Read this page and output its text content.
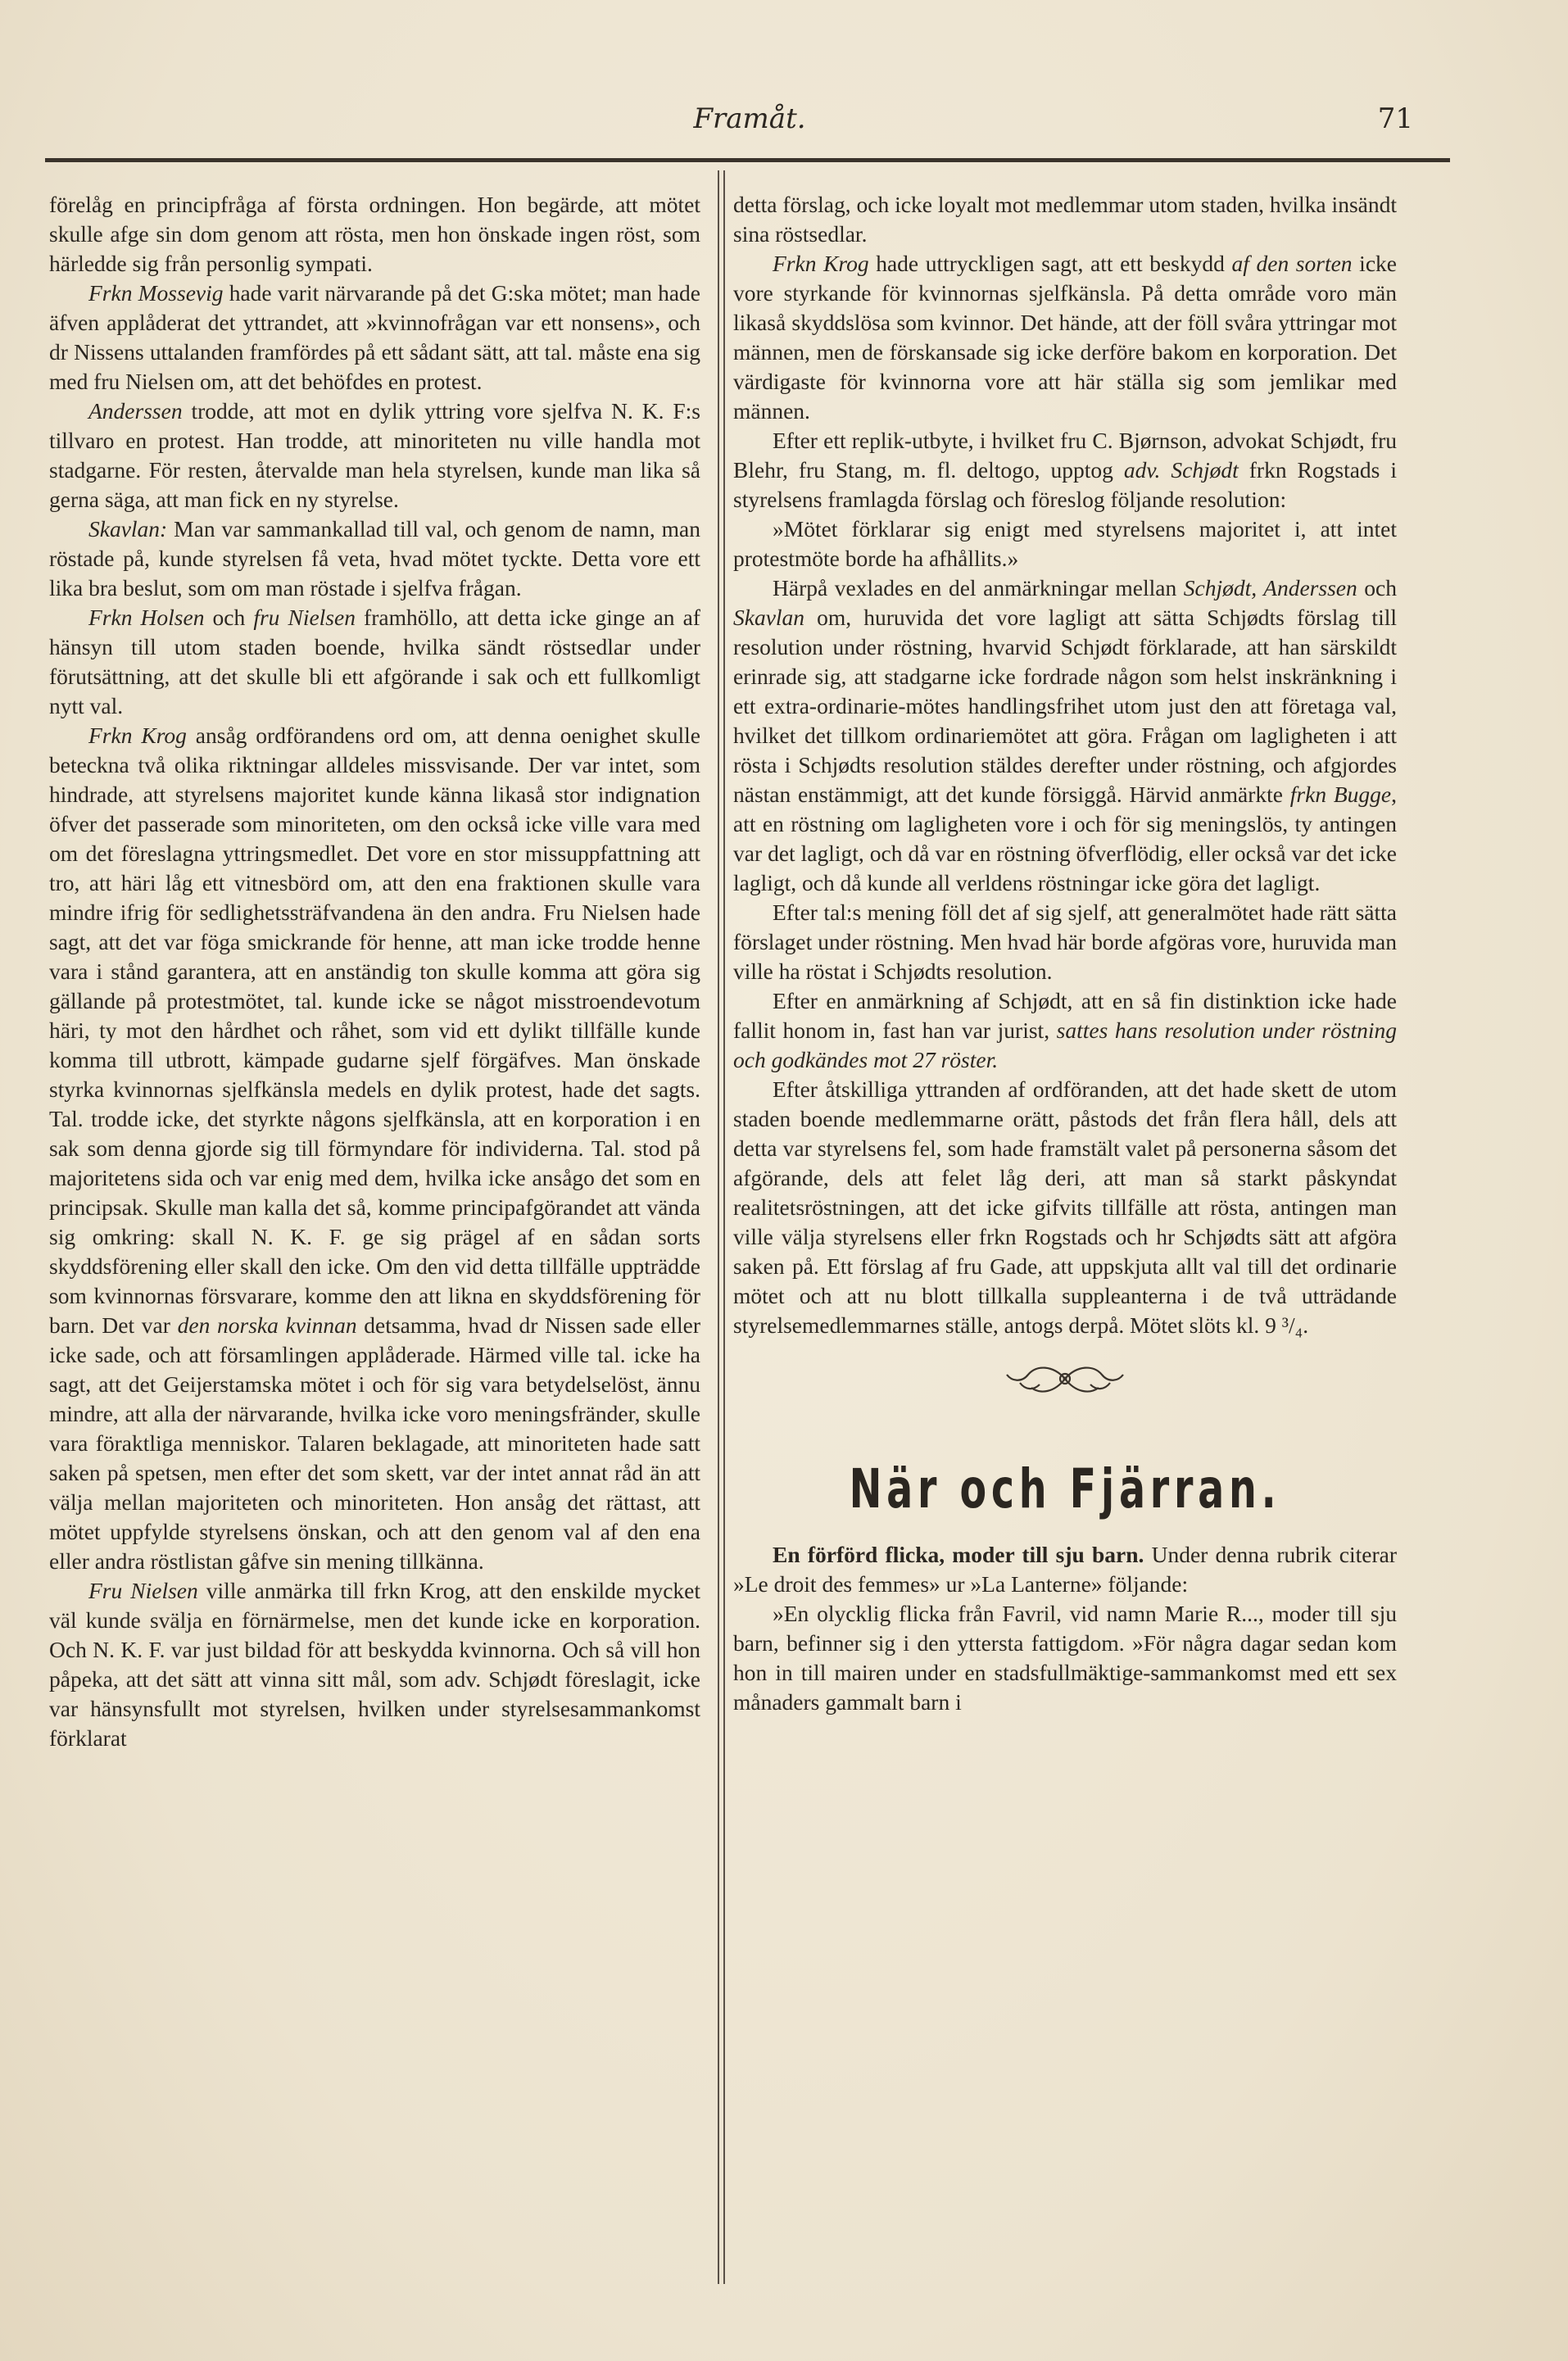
Framåt.	71

förelåg en principfråga af första ordningen. Hon begärde, att mötet skulle afge sin dom genom att rösta, men hon önskade ingen röst, som härledde sig från personlig sympati.

Frkn Mossevig hade varit närvarande på det G:ska mötet; man hade äfven applåderat det yttrandet, att »kvinnofrågan var ett nonsens», och dr Nissens uttalanden framfördes på ett sådant sätt, att tal. måste ena sig med fru Nielsen om, att det behöfdes en protest.

Anderssen trodde, att mot en dylik yttring vore sjelfva N. K. F:s tillvaro en protest. Han trodde, att minoriteten nu ville handla mot stadgarne. För resten, återvalde man hela styrelsen, kunde man lika så gerna säga, att man fick en ny styrelse.

Skavlan: Man var sammankallad till val, och genom de namn, man röstade på, kunde styrelsen få veta, hvad mötet tyckte. Detta vore ett lika bra beslut, som om man röstade i sjelfva frågan.

Frkn Holsen och fru Nielsen framhöllo, att detta icke ginge an af hänsyn till utom staden boende, hvilka sändt röstsedlar under förutsättning, att det skulle bli ett afgörande i sak och ett fullkomligt nytt val.

Frkn Krog ansåg ordförandens ord om, att denna oenighet skulle beteckna två olika riktningar alldeles missvisande. Der var intet, som hindrade, att styrelsens majoritet kunde känna likaså stor indignation öfver det passerade som minoriteten, om den också icke ville vara med om det föreslagna yttringsmedlet. Det vore en stor missuppfattning att tro, att häri låg ett vitnesbörd om, att den ena fraktionen skulle vara mindre ifrig för sedlighetssträfvandena än den andra. Fru Nielsen hade sagt, att det var föga smickrande för henne, att man icke trodde henne vara i stånd garantera, att en anständig ton skulle komma att göra sig gällande på protestmötet, tal. kunde icke se något misstroendevotum häri, ty mot den hårdhet och råhet, som vid ett dylikt tillfälle kunde komma till utbrott, kämpade gudarne sjelf förgäfves. Man önskade styrka kvinnornas sjelfkänsla medels en dylik protest, hade det sagts. Tal. trodde icke, det styrkte någons sjelfkänsla, att en korporation i en sak som denna gjorde sig till förmyndare för individerna. Tal. stod på majoritetens sida och var enig med dem, hvilka icke ansågo det som en principsak. Skulle man kalla det så, komme principafgörandet att vända sig omkring: skall N. K. F. ge sig prägel af en sådan sorts skyddsförening eller skall den icke. Om den vid detta tillfälle uppträdde som kvinnornas försvarare, komme den att likna en skyddsförening för barn. Det var den norska kvinnan detsamma, hvad dr Nissen sade eller icke sade, och att församlingen applåderade. Härmed ville tal. icke ha sagt, att det Geijerstamska mötet i och för sig vara betydelselöst, ännu mindre, att alla der närvarande, hvilka icke voro meningsfränder, skulle vara föraktliga menniskor. Talaren beklagade, att minoriteten hade satt saken på spetsen, men efter det som skett, var der intet annat råd än att välja mellan majoriteten och minoriteten. Hon ansåg det rättast, att mötet uppfylde styrelsens önskan, och att den genom val af den ena eller andra röstlistan gåfve sin mening tillkänna.

Fru Nielsen ville anmärka till frkn Krog, att den enskilde mycket väl kunde svälja en förnärmelse, men det kunde icke en korporation. Och N. K. F. var just bildad för att beskydda kvinnorna. Och så vill hon påpeka, att det sätt att vinna sitt mål, som adv. Schjødt föreslagit, icke var hänsynsfullt mot styrelsen, hvilken under styrelsesammankomst förklarat

detta förslag, och icke loyalt mot medlemmar utom staden, hvilka insändt sina röstsedlar.

Frkn Krog hade uttryckligen sagt, att ett beskydd af den sorten icke vore styrkande för kvinnornas sjelfkänsla. På detta område voro män likaså skyddslösa som kvinnor. Det hände, att der föll svåra yttringar mot männen, men de förskansade sig icke derföre bakom en korporation. Det värdigaste för kvinnorna vore att här ställa sig som jemlikar med männen.

Efter ett replik-utbyte, i hvilket fru C. Bjørnson, advokat Schjødt, fru Blehr, fru Stang, m. fl. deltogo, upptog adv. Schjødt frkn Rogstads i styrelsens framlagda förslag och föreslog följande resolution:

»Mötet förklarar sig enigt med styrelsens majoritet i, att intet protestmöte borde ha afhållits.»

Härpå vexlades en del anmärkningar mellan Schjødt, Anderssen och Skavlan om, huruvida det vore lagligt att sätta Schjødts förslag till resolution under röstning, hvarvid Schjødt förklarade, att han särskildt erinrade sig, att stadgarne icke fordrade någon som helst inskränkning i ett extra-ordinarie-mötes handlingsfrihet utom just den att företaga val, hvilket det tillkom ordinariemötet att göra. Frågan om lagligheten i att rösta i Schjødts resolution stäldes derefter under röstning, och afgjordes nästan enstämmigt, att det kunde försiggå. Härvid anmärkte frkn Bugge, att en röstning om lagligheten vore i och för sig meningslös, ty antingen var det lagligt, och då var en röstning öfverflödig, eller också var det icke lagligt, och då kunde all verldens röstningar icke göra det lagligt.

Efter tal:s mening föll det af sig sjelf, att generalmötet hade rätt sätta förslaget under röstning. Men hvad här borde afgöras vore, huruvida man ville ha röstat i Schjødts resolution.

Efter en anmärkning af Schjødt, att en så fin distinktion icke hade fallit honom in, fast han var jurist, sattes hans resolution under röstning och godkändes mot 27 röster.

Efter åtskilliga yttranden af ordföranden, att det hade skett de utom staden boende medlemmarne orätt, påstods det från flera håll, dels att detta var styrelsens fel, som hade framstält valet på personerna såsom det afgörande, dels att felet låg deri, att man så starkt påskyndat realitetsröstningen, att det icke gifvits tillfälle att rösta, antingen man ville välja styrelsens eller frkn Rogstads och hr Schjødts sätt att afgöra saken på. Ett förslag af fru Gade, att uppskjuta allt val till det ordinarie mötet och att nu blott tillkalla suppleanterna i de två utträdande styrelsemedlemmarnes ställe, antogs derpå. Mötet slöts kl. 9 ³/₄.

När och Fjärran.

En förförd flicka, moder till sju barn. Under denna rubrik citerar »Le droit des femmes» ur »La Lanterne» följande:

»En olycklig flicka från Favril, vid namn Marie R..., moder till sju barn, befinner sig i den yttersta fattigdom. »För några dagar sedan kom hon in till mairen under en stadsfullmäktige-sammankomst med ett sex månaders gammalt barn i
